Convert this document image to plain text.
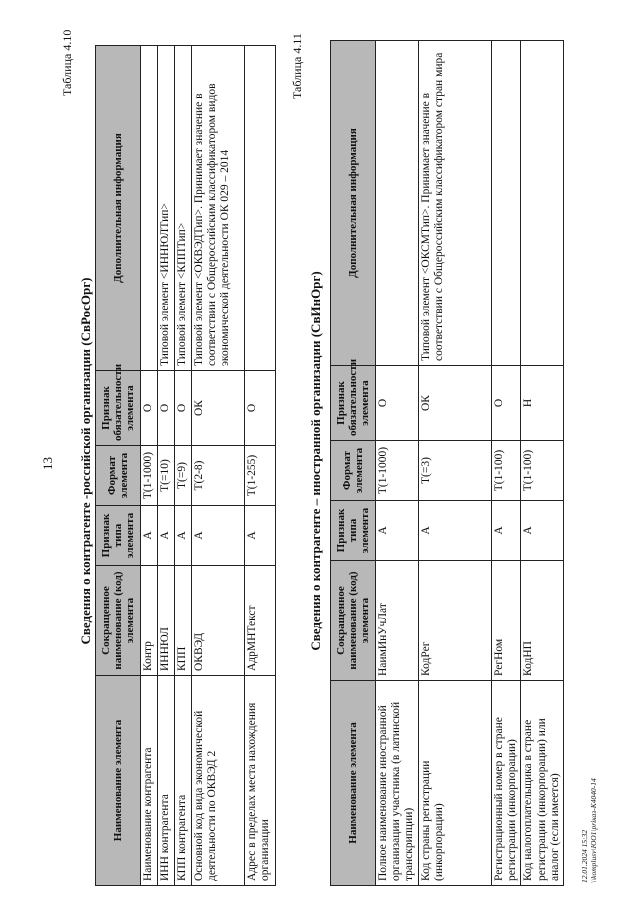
13
Таблица 4.10
Сведения о контрагенте -российской организации (СвРосОрг)
Наименование элемента	Сокращенное наименование (код) элемента	Признак типа элемента	Формат элемента	Признак обязательности элемента	Дополнительная информация
Наименование контрагента	Контр	А	T(1-1000)	О	
ИНН контрагента	ИННЮЛ	А	T(=10)	О	Типовой элемент <ИННЮЛТип>
КПП контрагента	КПП	А	T(=9)	О	Типовой элемент <КППТип>
Основной код вида экономической деятельности по ОКВЭД 2	ОКВЭД	А	T(2-8)	ОК	Типовой элемент <ОКВЭДТип>. Принимает значение в соответствии с Общероссийским классификатором видов экономической деятельности ОК 029 – 2014
Адрес в пределах места нахождения организации	АдрМНТекст	А	T(1-255)	О	
Таблица 4.11
Сведения о контрагенте – иностранной организации (СвИнОрг)
Наименование элемента	Сокращенное наименование (код) элемента	Признак типа элемента	Формат элемента	Признак обязательности элемента	Дополнительная информация
Полное наименование иностранной организации участника (в латинской транскрипции)	НаимИнУчЛат	А	T(1-1000)	О	
Код страны регистрации (инкорпорации)	КодРег	А	T(=3)	ОК	Типовой элемент <ОКСМТип>. Принимает значение в соответствии с Общероссийским классификатором стран мира
Регистрационный номер в стране регистрации (инкорпорации)	РегНом	А	T(1-100)	О	
Код налогоплательщика в стране регистрации (инкорпорации) или аналог (если имеется)	КодНП	А	T(1-100)	Н	
12.01.2024 15:32 \\komplusv\ЮО1\priказ-К4040-14
